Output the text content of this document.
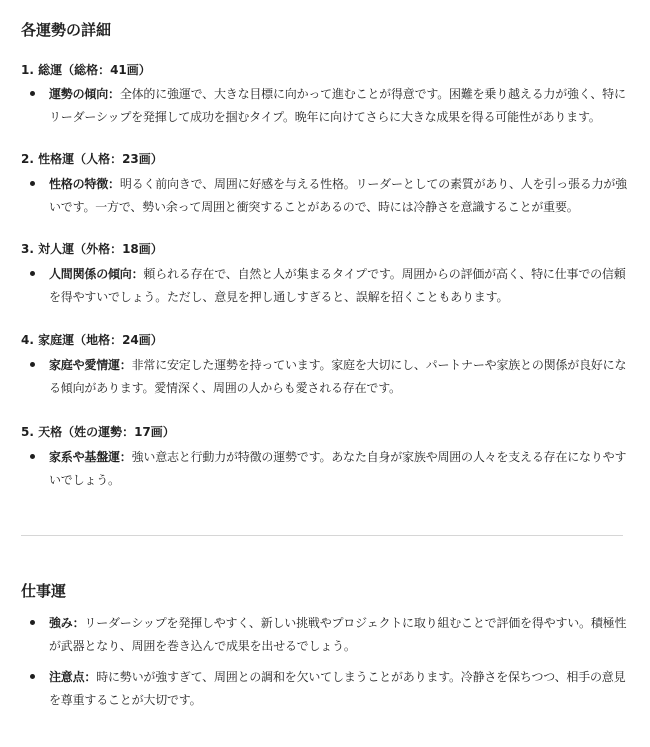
各運勢の詳細
1. 総運（総格：41画）
運勢の傾向：全体的に強運で、大きな目標に向かって進むことが得意です。困難を乗り越える力が強く、特にリーダーシップを発揮して成功を掴むタイプ。晩年に向けてさらに大きな成果を得る可能性があります。
2. 性格運（人格：23画）
性格の特徴：明るく前向きで、周囲に好感を与える性格。リーダーとしての素質があり、人を引っ張る力が強いです。一方で、勢い余って周囲と衝突することがあるので、時には冷静さを意識することが重要。
3. 対人運（外格：18画）
人間関係の傾向：頼られる存在で、自然と人が集まるタイプです。周囲からの評価が高く、特に仕事での信頼を得やすいでしょう。ただし、意見を押し通しすぎると、誤解を招くこともあります。
4. 家庭運（地格：24画）
家庭や愛情運：非常に安定した運勢を持っています。家庭を大切にし、パートナーや家族との関係が良好になる傾向があります。愛情深く、周囲の人からも愛される存在です。
5. 天格（姓の運勢：17画）
家系や基盤運：強い意志と行動力が特徴の運勢です。あなた自身が家族や周囲の人々を支える存在になりやすいでしょう。
仕事運
強み：リーダーシップを発揮しやすく、新しい挑戦やプロジェクトに取り組むことで評価を得やすい。積極性が武器となり、周囲を巻き込んで成果を出せるでしょう。
注意点：時に勢いが強すぎて、周囲との調和を欠いてしまうことがあります。冷静さを保ちつつ、相手の意見を尊重することが大切です。
